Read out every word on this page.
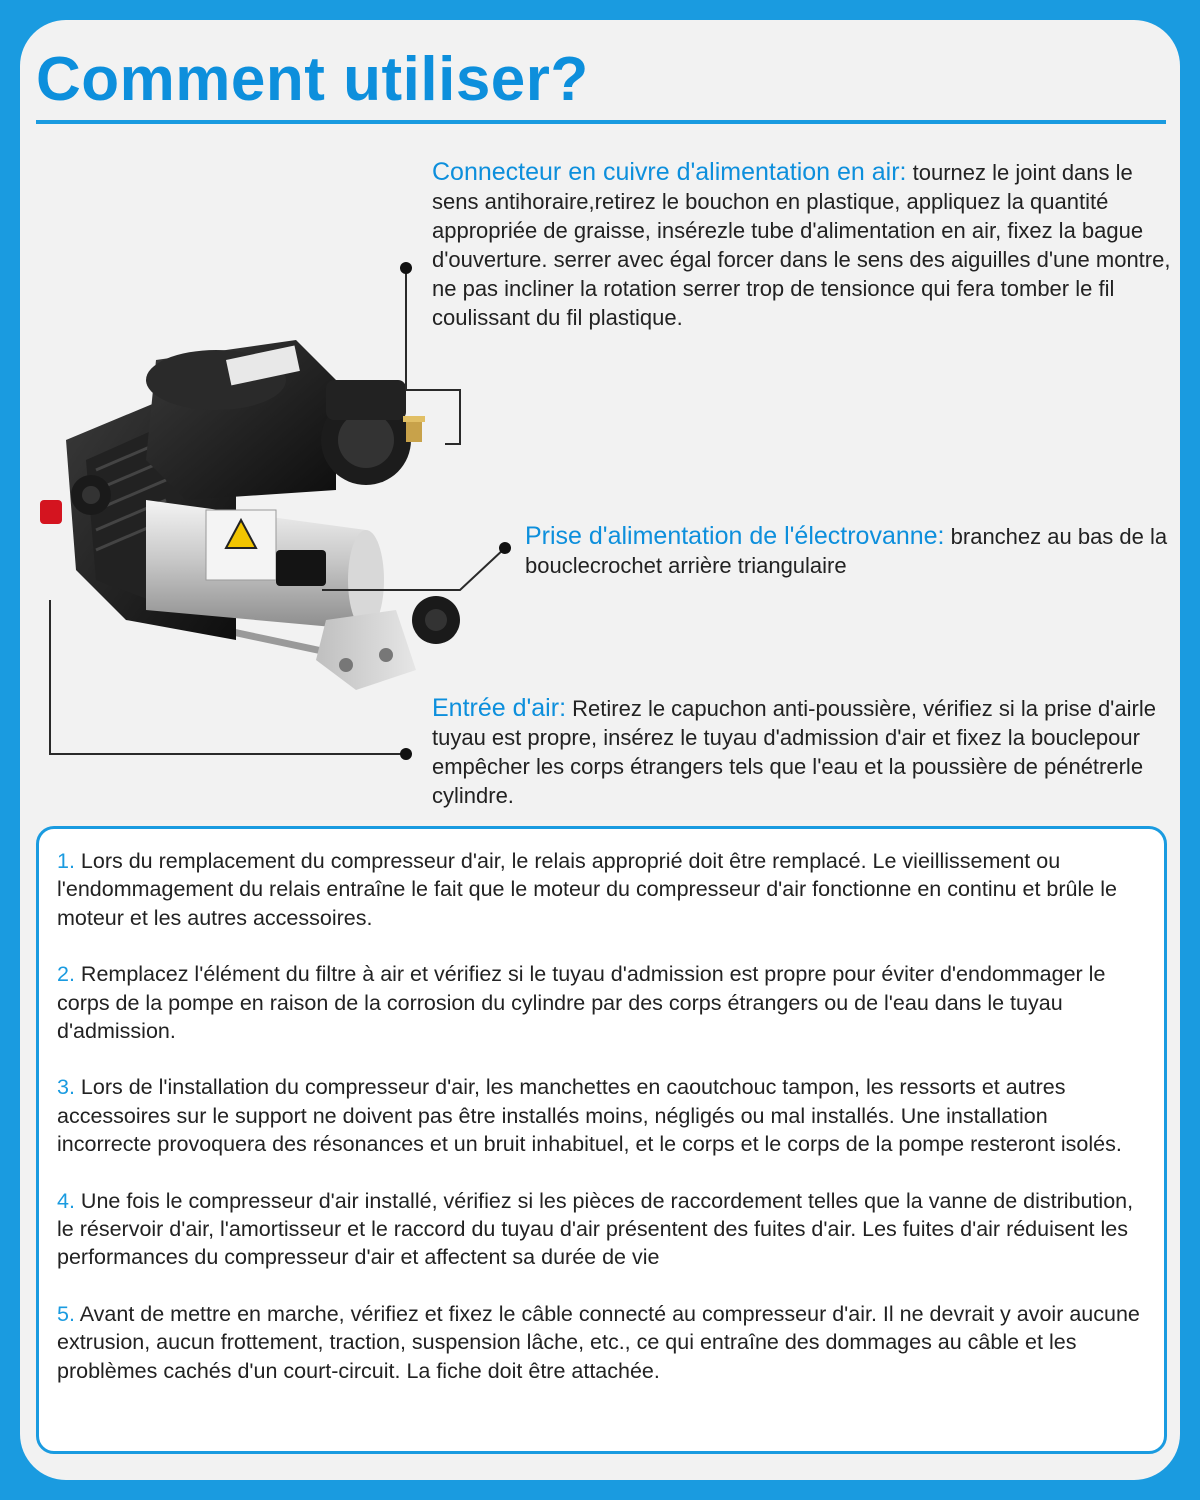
Comment utiliser?
Connecteur en cuivre d'alimentation en air: tournez le joint dans le sens antihoraire,retirez le bouchon en plastique, appliquez la quantité appropriée de graisse, insérezle tube d'alimentation en air, fixez la bague d'ouverture. serrer avec égal forcer dans le sens des aiguilles d'une montre, ne pas incliner la rotation serrer trop de tensionce qui fera tomber le fil coulissant du fil plastique.
Prise d'alimentation de l'électrovanne: branchez au bas de la bouclecrochet arrière triangulaire
Entrée d'air: Retirez le capuchon anti-poussière, vérifiez si la prise d'airle tuyau est propre, insérez le tuyau d'admission d'air et fixez la bouclepour empêcher les corps étrangers tels que l'eau et la poussière de pénétrerle cylindre.

1. Lors du remplacement du compresseur d'air, le relais approprié doit être remplacé. Le vieillissement ou l'endommagement du relais entraîne le fait que le moteur du compresseur d'air fonctionne en continu et brûle le moteur et les autres accessoires.

2. Remplacez l'élément du filtre à air et vérifiez si le tuyau d'admission est propre pour éviter d'endommager le corps de la pompe en raison de la corrosion du cylindre par des corps étrangers ou de l'eau dans le tuyau d'admission.

3. Lors de l'installation du compresseur d'air, les manchettes en caoutchouc tampon, les ressorts et autres accessoires sur le support ne doivent pas être installés moins, négligés ou mal installés. Une installation incorrecte provoquera des résonances et un bruit inhabituel, et le corps et le corps de la pompe resteront isolés.

4. Une fois le compresseur d'air installé, vérifiez si les pièces de raccordement telles que la vanne de distribution, le réservoir d'air, l'amortisseur et le raccord du tuyau d'air présentent des fuites d'air. Les fuites d'air réduisent les performances du compresseur d'air et affectent sa durée de vie

5. Avant de mettre en marche, vérifiez et fixez le câble connecté au compresseur d'air. Il ne devrait y avoir aucune extrusion, aucun frottement, traction, suspension lâche, etc., ce qui entraîne des dommages au câble et les problèmes cachés d'un court-circuit. La fiche doit être attachée.
